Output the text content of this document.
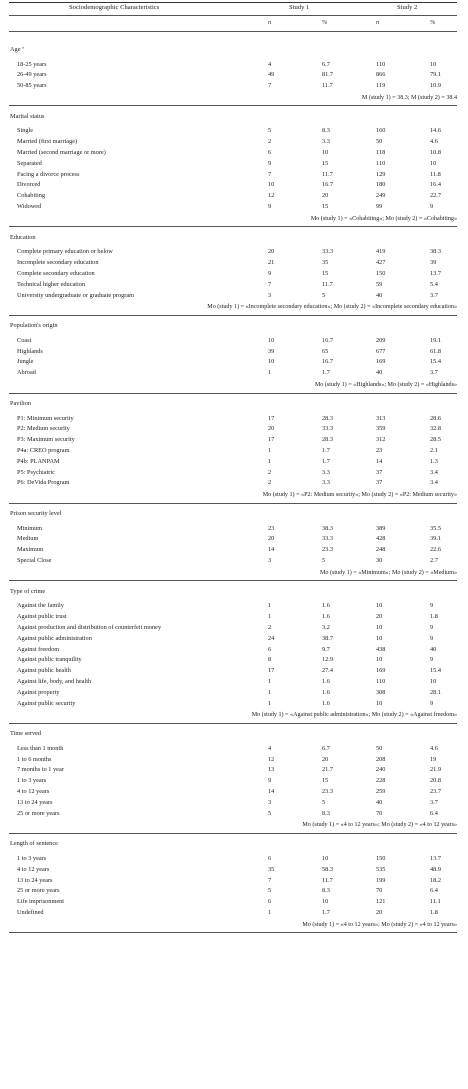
Sociodemographic Characteristics	Study 1	Study 2
n	%	n	%
Age ª
18-25 years	4	6.7	110	10
26-49 years	49	81.7	866	79.1
50-85 years	7	11.7	119	10.9
M (study 1) = 38.3; M (study 2) = 38.4
Marital status
Single	5	8.3	160	14.6
Married (first marriage)	2	3.3	50	4.6
Married (second marriage or more)	6	10	118	10.8
Separated	9	15	110	10
Facing a divorce process	7	11.7	129	11.8
Divorced	10	16.7	180	16.4
Cohabiting	12	20	249	22.7
Widowed	9	15	99	9
Mo (study 1) = «Cohabiting»; Mo (study 2) = «Cohabiting»
Education
Complete primary education or below	20	33.3	419	38.3
Incomplete secondary education	21	35	427	39
Complete secondary education	9	15	150	13.7
Technical higher education	7	11.7	59	5.4
University undergraduate or graduate program	3	5	40	3.7
Mo (study 1) = «Incomplete secondary education»; Mo (study 2) = «Incomplete secondary education»
Population's origin
Coast	10	16.7	209	19.1
Highlands	39	65	677	61.8
Jungle	10	16.7	169	15.4
Abroad	1	1.7	40	3.7
Mo (study 1) = «Highlands»; Mo (study 2) = «Highlands»
Pavilion
P1: Minimum security	17	28.3	313	28.6
P2: Medium security	20	33.3	359	32.8
P3: Maximum security	17	28.3	312	28.5
P4a: CREO program	1	1.7	23	2.1
P4b: PLANPAM	1	1.7	14	1.3
P5: Psychiatric	2	3.3	37	3.4
P6: DeVida Program	2	3.3	37	3.4
Mo (study 1) = «P2: Medium security»; Mo (study 2) = «P2: Medium security»
Prison security level
Minimum	23	38.3	389	35.5
Medium	20	33.3	428	39.1
Maximum	14	23.3	248	22.6
Special Close	3	5	30	2.7
Mo (study 1) = «Minimum»; Mo (study 2) = «Medium»
Type of crime
Against the family	1	1.6	10	9
Against public trust	1	1.6	20	1.8
Against production and distribution of counterfeit money	2	3.2	10	9
Against public administration	24	38.7	10	9
Against freedom	6	9.7	438	40
Against public tranquility	8	12.9	10	9
Against public health	17	27.4	169	15.4
Against life, body, and health	1	1.6	110	10
Against property	1	1.6	308	28.1
Against public security	1	1.6	10	9
Mo (study 1) = «Against public administration»; Mo (study 2) = «Against freedom»
Time served
Less than 1 month	4	6.7	50	4.6
1 to 6 months	12	20	208	19
7 months to 1 year	13	21.7	240	21.9
1 to 3 years	9	15	228	20.8
4 to 12 years	14	23.3	259	23.7
13 to 24 years	3	5	40	3.7
25 or more years	5	8.3	70	6.4
Mo (study 1) = «4 to 12 years»; Mo (study 2) = «4 to 12 years»
Length of sentence
1 to 3 years	6	10	150	13.7
4 to 12 years	35	58.3	535	48.9
13 to 24 years	7	11.7	199	18.2
25 or more years	5	8.3	70	6.4
Life imprisonment	6	10	121	11.1
Undefined	1	1.7	20	1.8
Mo (study 1) = «4 to 12 years»; Mo (study 2) = «4 to 12 years»
